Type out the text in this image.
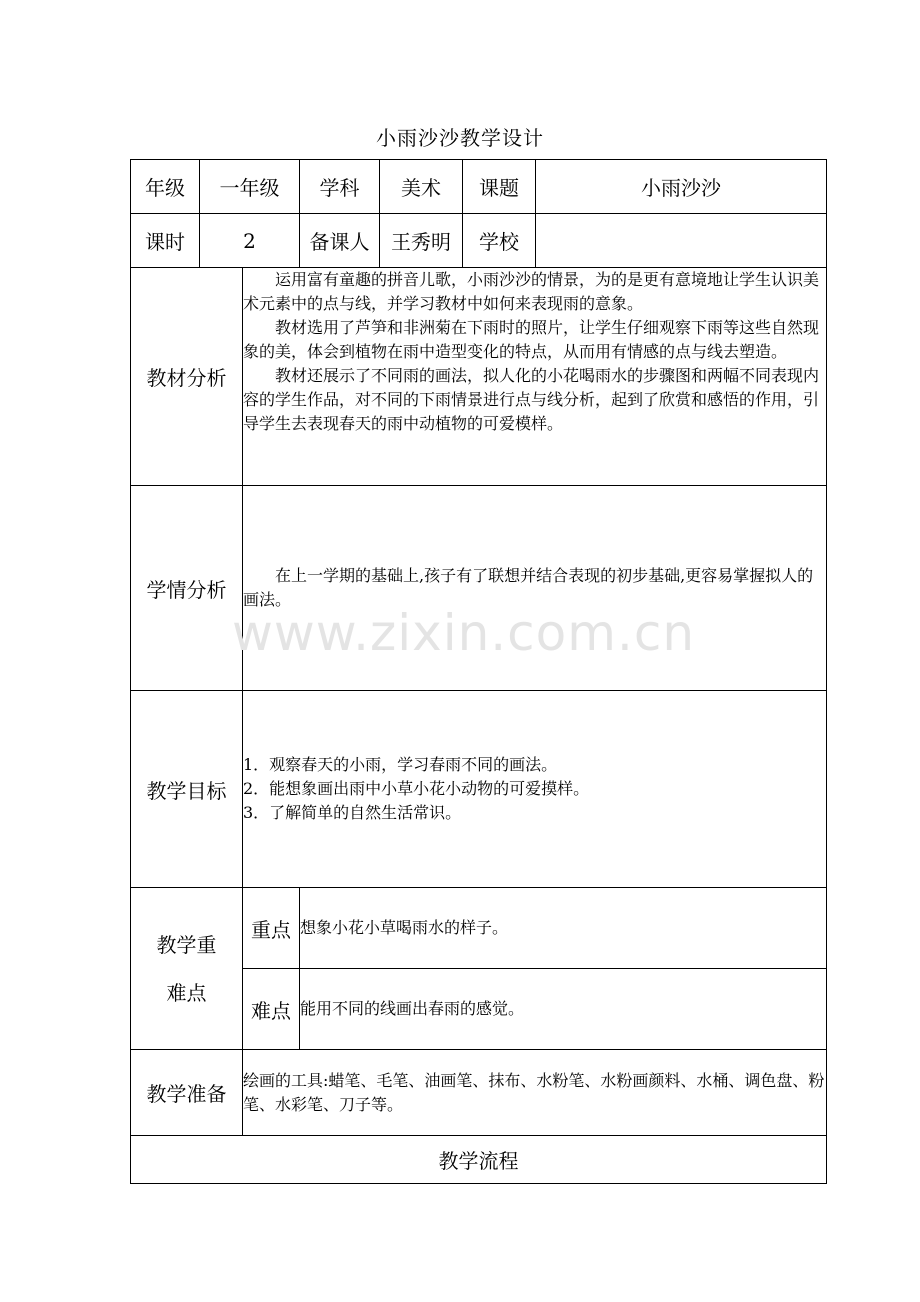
小雨沙沙教学设计
年级	一年级		学科	美术	课题	小雨沙沙
课时	2		备课人	王秀明	学校	
教材分析		运用富有童趣的拼音儿歌，小雨沙沙的情景，为的是更有意境地让学生认识美术元素中的点与线，并学习教材中如何来表现雨的意象。

教材选用了芦笋和非洲菊在下雨时的照片，让学生仔细观察下雨等这些自然现象的美，体会到植物在雨中造型变化的特点，从而用有情感的点与线去塑造。

教材还展示了不同雨的画法，拟人化的小花喝雨水的步骤图和两幅不同表现内容的学生作品，对不同的下雨情景进行点与线分析，起到了欣赏和感悟的作用，引导学生去表现春天的雨中动植物的可爱模样。				

学情分析		在上一学期的基础上,孩子有了联想并结合表现的初步基础,更容易掌握拟人的画法。				

教学目标		1．观察春天的小雨，学习春雨不同的画法。

2．能想象画出雨中小草小花小动物的可爱摸样。

3．了解简单的自然生活常识。				

教学重
难点		重点	想象小花小草喝雨水的样子。			
		难点	能用不同的线画出春雨的感觉。			
教学准备		绘画的工具:蜡笔、毛笔、油画笔、抹布、水粉笔、水粉画颜料、水桶、调色盘、粉笔、水彩笔、刀子等。				

教学流程						
www.zixin.com.cn
